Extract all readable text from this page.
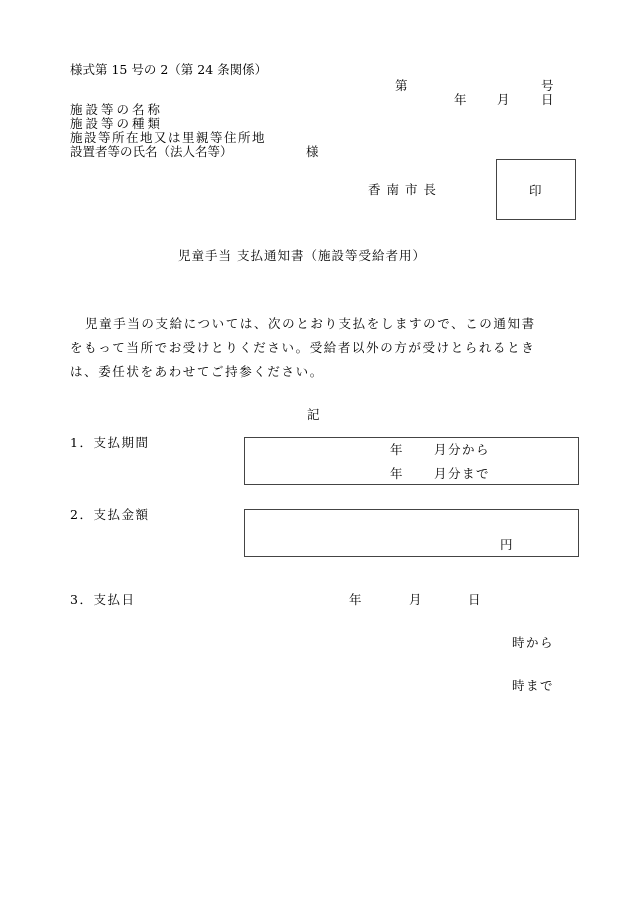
様式第 15 号の 2（第 24 条関係）
第	号
年 月	日
施設等の名称
施設等の種類
施設等所在地又は里親等住所地
設置者等の氏名（法人名等）	様
香 南 市 長	印
児童手当 支払通知書（施設等受給者用）
児童手当の支給については、次のとおり支払をしますので、この通知書
をもって当所でお受けとりください。受給者以外の方が受けとられるとき
は、委任状をあわせてご持参ください。
記
1．支払期間	年	月分から
年	月分まで
2．支払金額
円
3．支払日	年	月	日
時から
時まで
